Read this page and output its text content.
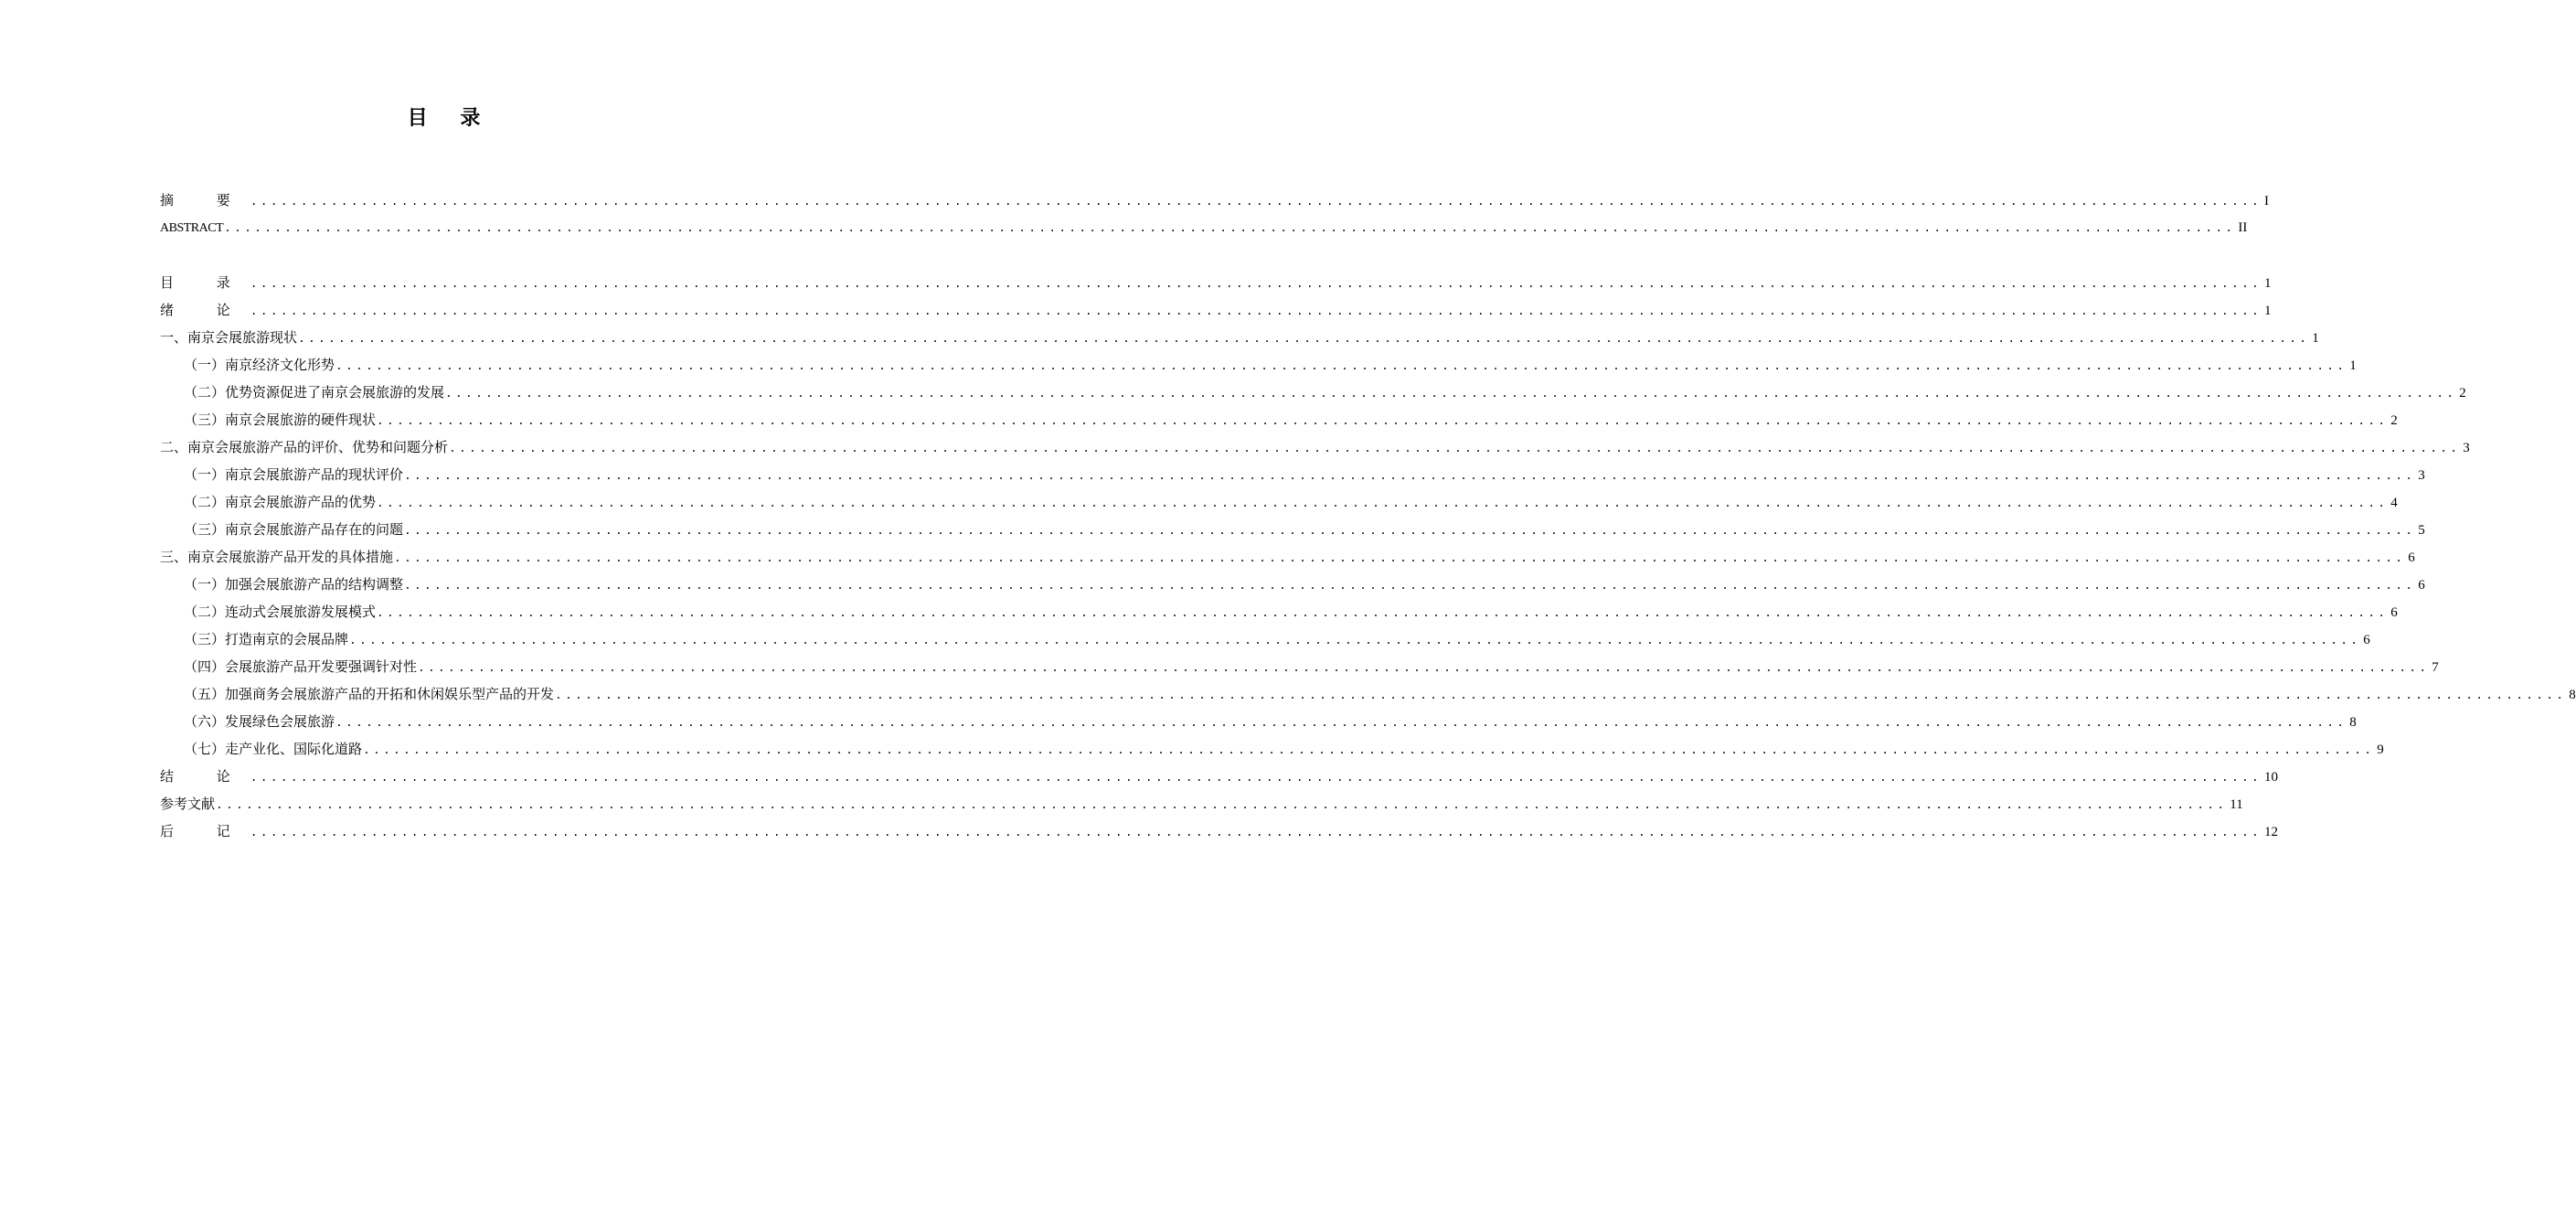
目 录
摘 要 ........................................................................................................................................................................................................ I
ABSTRACT ........................................................................................................................................................................................................ II
目 录 ........................................................................................................................................................................................................ 1
绪 论 ........................................................................................................................................................................................................ 1
一、南京会展旅游现状 ........................................................................................................................................................................................................ 1
（一）南京经济文化形势 ........................................................................................................................................................................................................ 1
（二）优势资源促进了南京会展旅游的发展 ........................................................................................................................................................................................................ 2
（三）南京会展旅游的硬件现状 ........................................................................................................................................................................................................ 2
二、南京会展旅游产品的评价、优势和问题分析 ........................................................................................................................................................................................................ 3
（一）南京会展旅游产品的现状评价 ........................................................................................................................................................................................................ 3
（二）南京会展旅游产品的优势 ........................................................................................................................................................................................................ 4
（三）南京会展旅游产品存在的问题 ........................................................................................................................................................................................................ 5
三、南京会展旅游产品开发的具体措施 ........................................................................................................................................................................................................ 6
（一）加强会展旅游产品的结构调整 ........................................................................................................................................................................................................ 6
（二）连动式会展旅游发展模式 ........................................................................................................................................................................................................ 6
（三）打造南京的会展品牌 ........................................................................................................................................................................................................ 6
（四）会展旅游产品开发要强调针对性 ........................................................................................................................................................................................................ 7
（五）加强商务会展旅游产品的开拓和休闲娱乐型产品的开发 ........................................................................................................................................................................................................ 8
（六）发展绿色会展旅游 ........................................................................................................................................................................................................ 8
（七）走产业化、国际化道路 ........................................................................................................................................................................................................ 9
结 论 ........................................................................................................................................................................................................ 10
参考文献 ........................................................................................................................................................................................................ 11
后 记 ........................................................................................................................................................................................................ 12
